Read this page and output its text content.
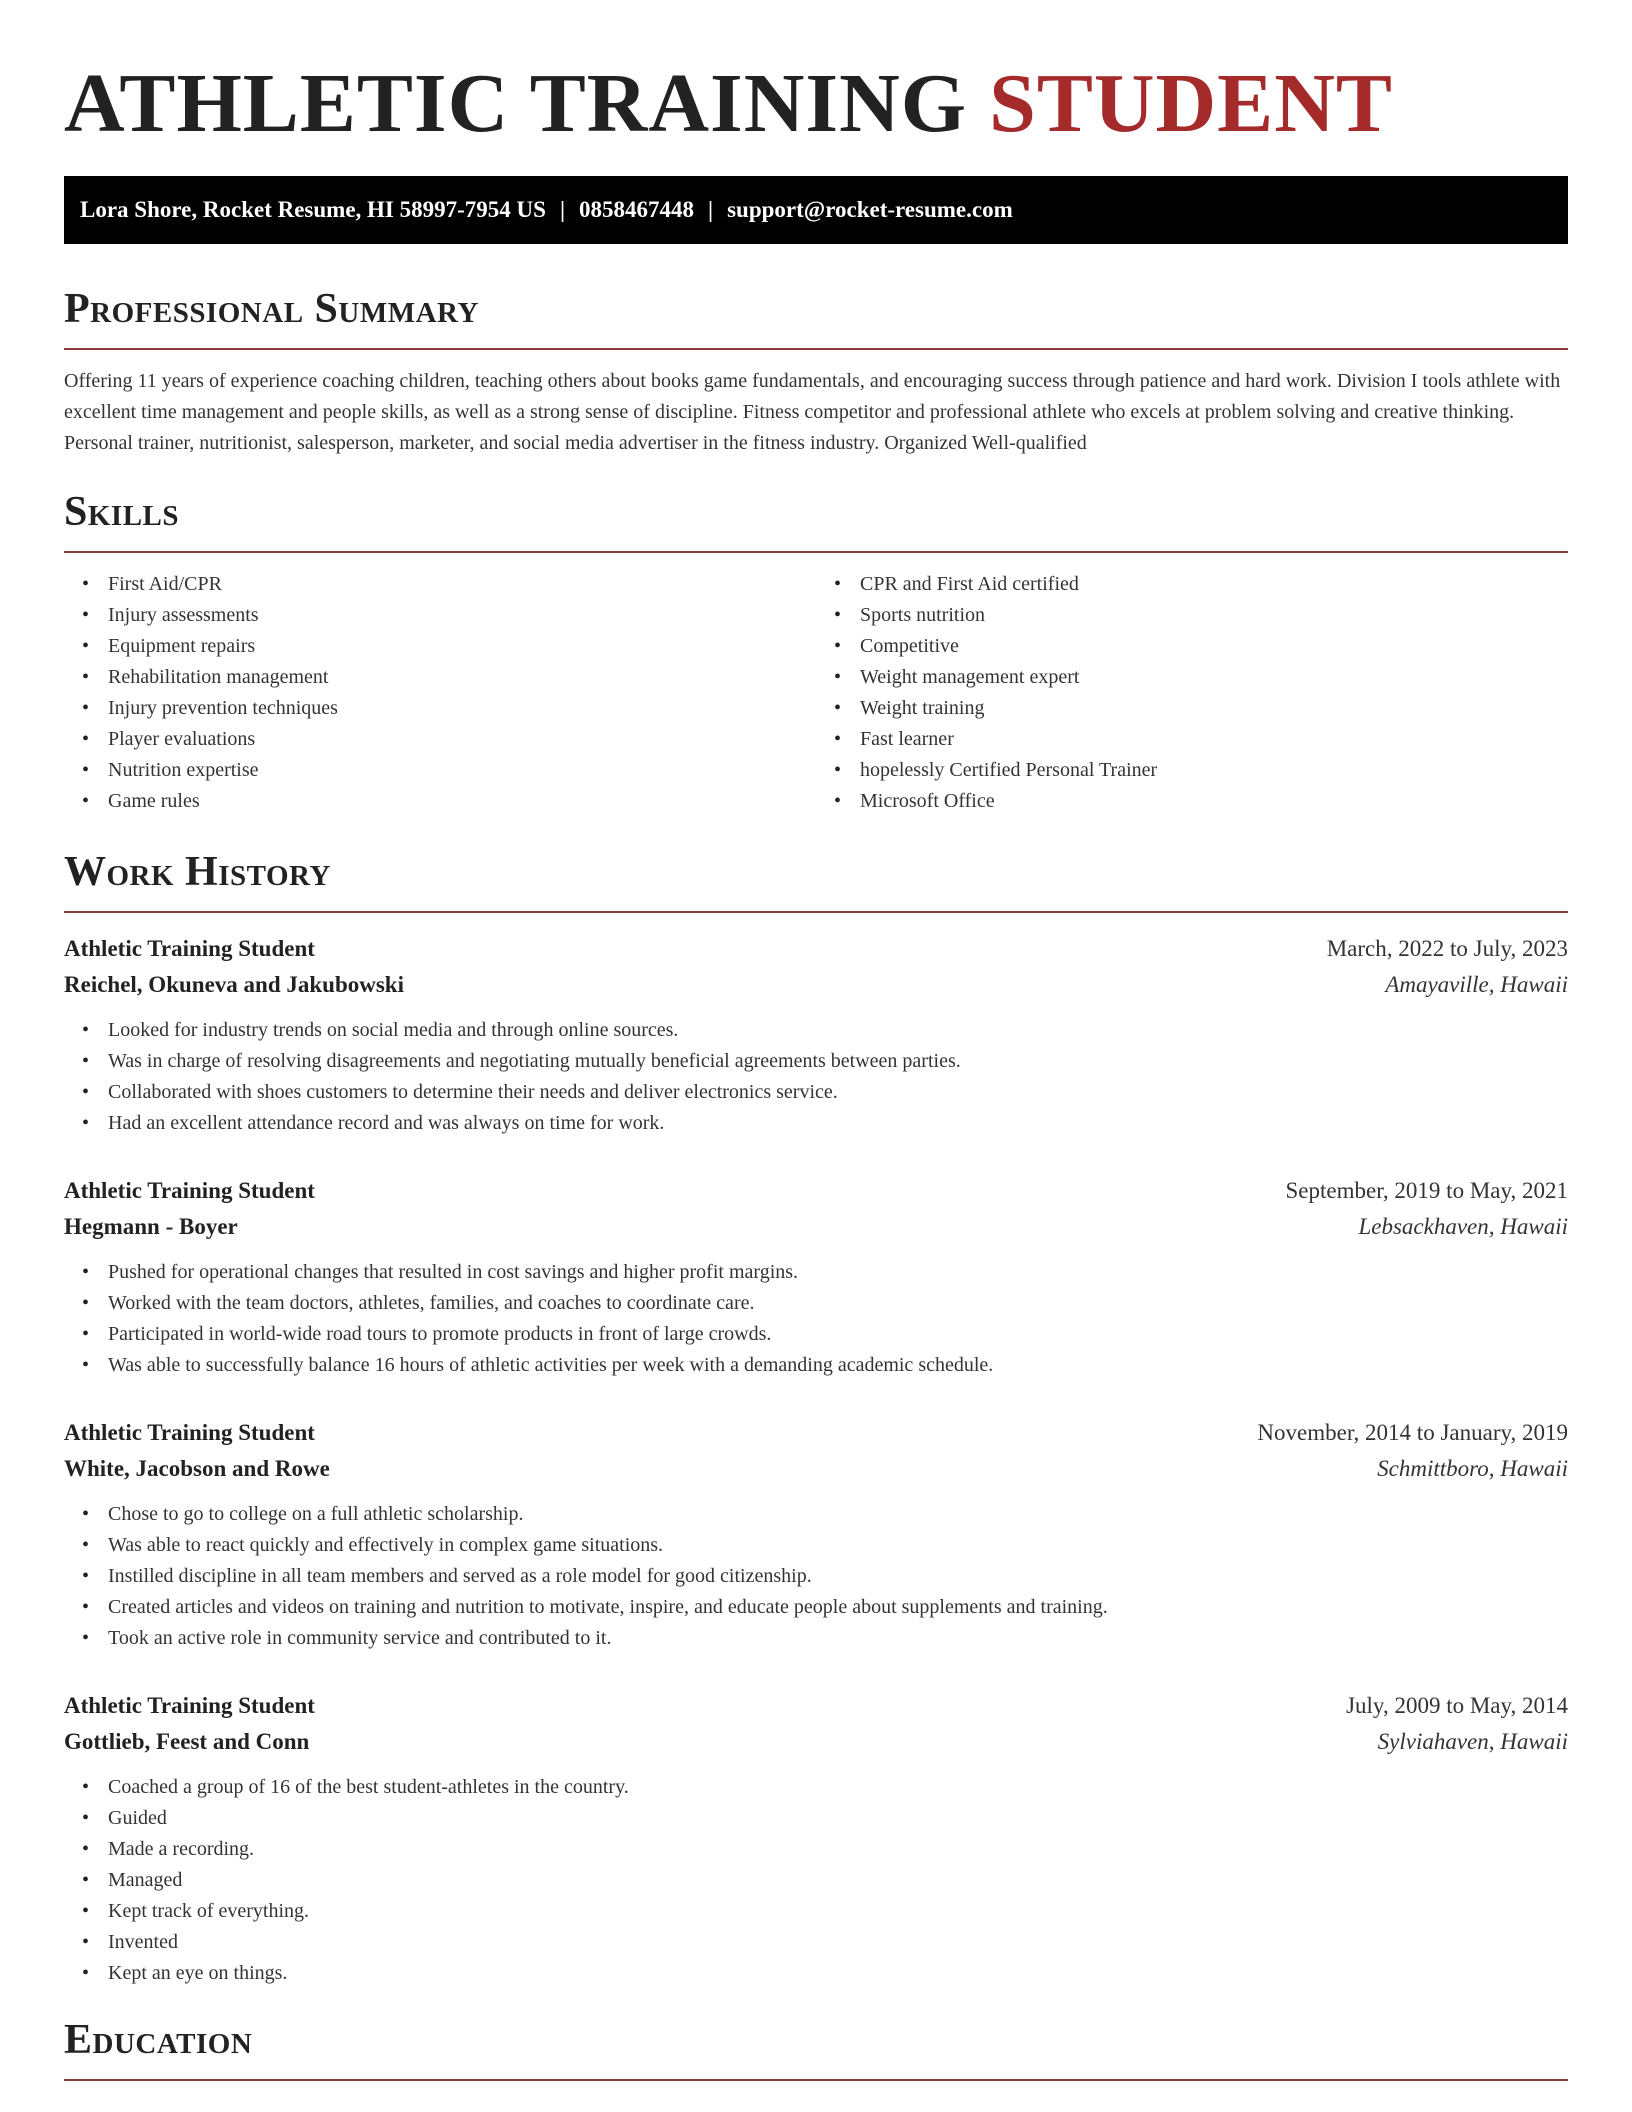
ATHLETIC TRAINING STUDENT
Lora Shore, Rocket Resume, HI 58997-7954 US | 0858467448 | support@rocket-resume.com
Professional Summary

Offering 11 years of experience coaching children, teaching others about books game fundamentals, and encouraging success through patience and hard work. Division I tools athlete with excellent time management and people skills, as well as a strong sense of discipline. Fitness competitor and professional athlete who excels at problem solving and creative thinking. Personal trainer, nutritionist, salesperson, marketer, and social media advertiser in the fitness industry. Organized Well-qualified

Skills
• First Aid/CPR
• Injury assessments
• Equipment repairs
• Rehabilitation management
• Injury prevention techniques
• Player evaluations
• Nutrition expertise
• Game rules
• CPR and First Aid certified
• Sports nutrition
• Competitive
• Weight management expert
• Weight training
• Fast learner
• hopelessly Certified Personal Trainer
• Microsoft Office
Work History
Athletic Training Student	March, 2022 to July, 2023
Reichel, Okuneva and Jakubowski	Amayaville, Hawaii
• Looked for industry trends on social media and through online sources.
• Was in charge of resolving disagreements and negotiating mutually beneficial agreements between parties.
• Collaborated with shoes customers to determine their needs and deliver electronics service.
• Had an excellent attendance record and was always on time for work.
Athletic Training Student	September, 2019 to May, 2021
Hegmann - Boyer	Lebsackhaven, Hawaii
• Pushed for operational changes that resulted in cost savings and higher profit margins.
• Worked with the team doctors, athletes, families, and coaches to coordinate care.
• Participated in world-wide road tours to promote products in front of large crowds.
• Was able to successfully balance 16 hours of athletic activities per week with a demanding academic schedule.
Athletic Training Student	November, 2014 to January, 2019
White, Jacobson and Rowe	Schmittboro, Hawaii
• Chose to go to college on a full athletic scholarship.
• Was able to react quickly and effectively in complex game situations.
• Instilled discipline in all team members and served as a role model for good citizenship.
• Created articles and videos on training and nutrition to motivate, inspire, and educate people about supplements and training.
• Took an active role in community service and contributed to it.
Athletic Training Student	July, 2009 to May, 2014
Gottlieb, Feest and Conn	Sylviahaven, Hawaii
• Coached a group of 16 of the best student-athletes in the country.
• Guided
• Made a recording.
• Managed
• Kept track of everything.
• Invented
• Kept an eye on things.
Education
